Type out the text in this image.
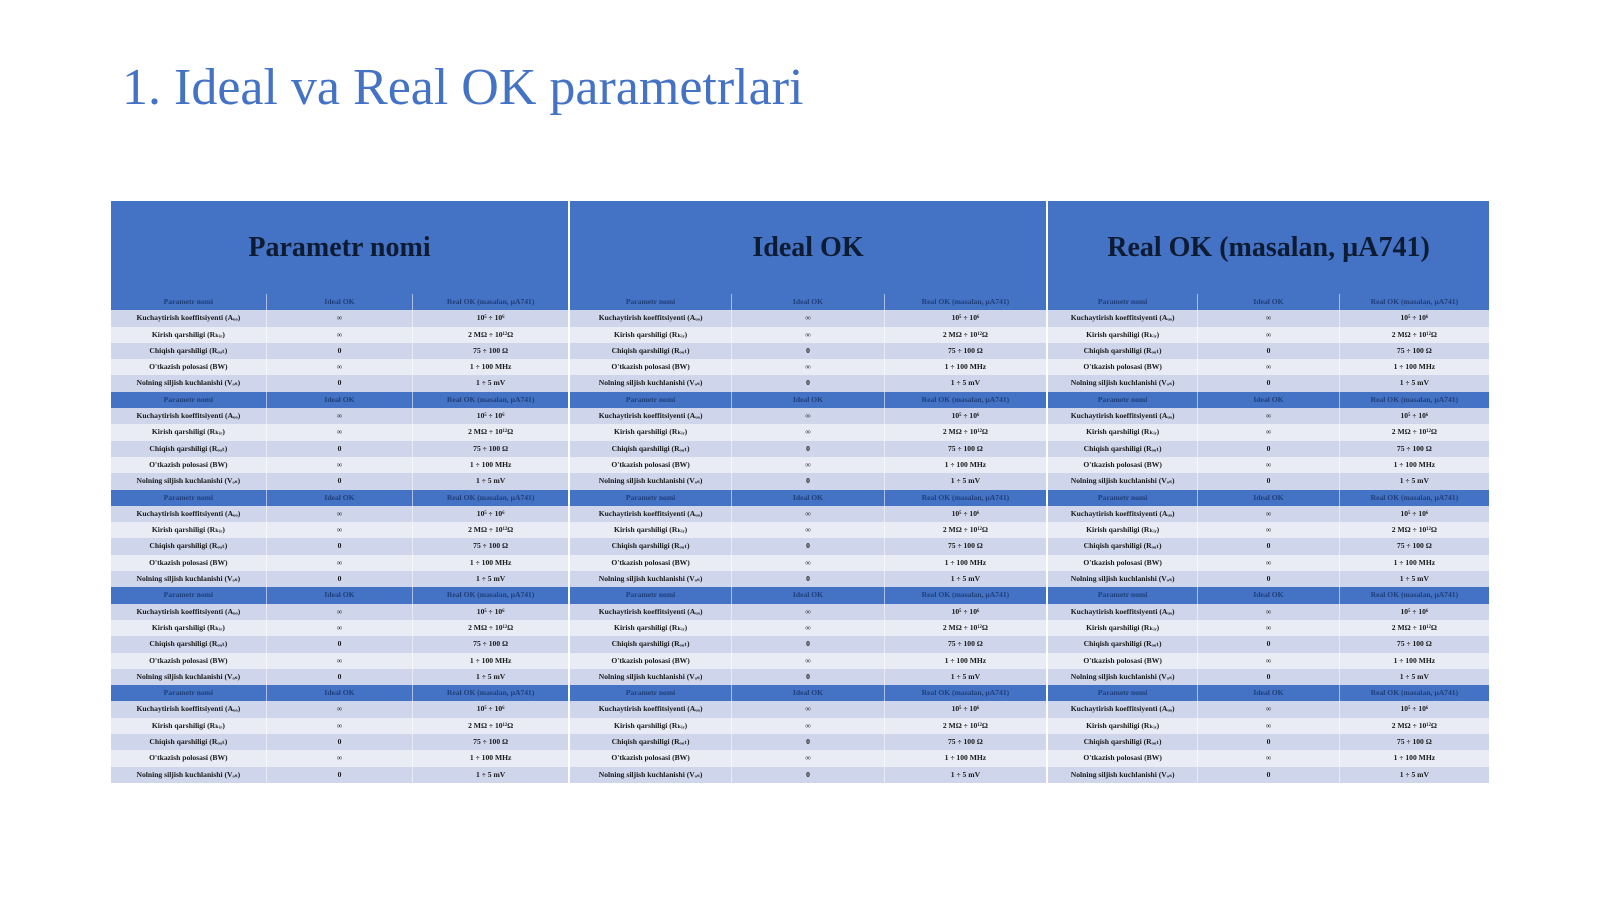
1. Ideal va Real OK parametrlari
Parametr nomi	Ideal OK	Real OK (masalan, µA741)
Parametr nomi	Ideal OK	Real OK (masalan, µA741)
Kuchaytirish koeffitsiyenti (Aᵤₒ)	∞	10⁵ ÷ 10⁶
Kirish qarshiligi (Rₖᵢᵣ)	∞	2 MΩ ÷ 10¹²Ω
Chiqish qarshiligi (Rₒᵤₜ)	0	75 ÷ 100 Ω
O'tkazish polosasi (BW)	∞	1 ÷ 100 MHz
Nolning siljish kuchlanishi (Vₒₛ)	0	1 ÷ 5 mV
Parametr nomi	Ideal OK	Real OK (masalan, µA741)
Kuchaytirish koeffitsiyenti (Aᵤₒ)	∞	10⁵ ÷ 10⁶
Kirish qarshiligi (Rₖᵢᵣ)	∞	2 MΩ ÷ 10¹²Ω
Chiqish qarshiligi (Rₒᵤₜ)	0	75 ÷ 100 Ω
O'tkazish polosasi (BW)	∞	1 ÷ 100 MHz
Nolning siljish kuchlanishi (Vₒₛ)	0	1 ÷ 5 mV
Parametr nomi	Ideal OK	Real OK (masalan, µA741)
Kuchaytirish koeffitsiyenti (Aᵤₒ)	∞	10⁵ ÷ 10⁶
Kirish qarshiligi (Rₖᵢᵣ)	∞	2 MΩ ÷ 10¹²Ω
Chiqish qarshiligi (Rₒᵤₜ)	0	75 ÷ 100 Ω
O'tkazish polosasi (BW)	∞	1 ÷ 100 MHz
Nolning siljish kuchlanishi (Vₒₛ)	0	1 ÷ 5 mV
Parametr nomi	Ideal OK	Real OK (masalan, µA741)
Kuchaytirish koeffitsiyenti (Aᵤₒ)	∞	10⁵ ÷ 10⁶
Kirish qarshiligi (Rₖᵢᵣ)	∞	2 MΩ ÷ 10¹²Ω
Chiqish qarshiligi (Rₒᵤₜ)	0	75 ÷ 100 Ω
O'tkazish polosasi (BW)	∞	1 ÷ 100 MHz
Nolning siljish kuchlanishi (Vₒₛ)	0	1 ÷ 5 mV
Parametr nomi	Ideal OK	Real OK (masalan, µA741)
Kuchaytirish koeffitsiyenti (Aᵤₒ)	∞	10⁵ ÷ 10⁶
Kirish qarshiligi (Rₖᵢᵣ)	∞	2 MΩ ÷ 10¹²Ω
Chiqish qarshiligi (Rₒᵤₜ)	0	75 ÷ 100 Ω
O'tkazish polosasi (BW)	∞	1 ÷ 100 MHz
Nolning siljish kuchlanishi (Vₒₛ)	0	1 ÷ 5 mV
Parametr nomi	Ideal OK	Real OK (masalan, µA741)
Kuchaytirish koeffitsiyenti (Aᵤₒ)	∞	10⁵ ÷ 10⁶
Kirish qarshiligi (Rₖᵢᵣ)	∞	2 MΩ ÷ 10¹²Ω
Chiqish qarshiligi (Rₒᵤₜ)	0	75 ÷ 100 Ω
O'tkazish polosasi (BW)	∞	1 ÷ 100 MHz
Nolning siljish kuchlanishi (Vₒₛ)	0	1 ÷ 5 mV
Parametr nomi	Ideal OK	Real OK (masalan, µA741)
Kuchaytirish koeffitsiyenti (Aᵤₒ)	∞	10⁵ ÷ 10⁶
Kirish qarshiligi (Rₖᵢᵣ)	∞	2 MΩ ÷ 10¹²Ω
Chiqish qarshiligi (Rₒᵤₜ)	0	75 ÷ 100 Ω
O'tkazish polosasi (BW)	∞	1 ÷ 100 MHz
Nolning siljish kuchlanishi (Vₒₛ)	0	1 ÷ 5 mV
Parametr nomi	Ideal OK	Real OK (masalan, µA741)
Kuchaytirish koeffitsiyenti (Aᵤₒ)	∞	10⁵ ÷ 10⁶
Kirish qarshiligi (Rₖᵢᵣ)	∞	2 MΩ ÷ 10¹²Ω
Chiqish qarshiligi (Rₒᵤₜ)	0	75 ÷ 100 Ω
O'tkazish polosasi (BW)	∞	1 ÷ 100 MHz
Nolning siljish kuchlanishi (Vₒₛ)	0	1 ÷ 5 mV
Parametr nomi	Ideal OK	Real OK (masalan, µA741)
Kuchaytirish koeffitsiyenti (Aᵤₒ)	∞	10⁵ ÷ 10⁶
Kirish qarshiligi (Rₖᵢᵣ)	∞	2 MΩ ÷ 10¹²Ω
Chiqish qarshiligi (Rₒᵤₜ)	0	75 ÷ 100 Ω
O'tkazish polosasi (BW)	∞	1 ÷ 100 MHz
Nolning siljish kuchlanishi (Vₒₛ)	0	1 ÷ 5 mV
Parametr nomi	Ideal OK	Real OK (masalan, µA741)
Kuchaytirish koeffitsiyenti (Aᵤₒ)	∞	10⁵ ÷ 10⁶
Kirish qarshiligi (Rₖᵢᵣ)	∞	2 MΩ ÷ 10¹²Ω
Chiqish qarshiligi (Rₒᵤₜ)	0	75 ÷ 100 Ω
O'tkazish polosasi (BW)	∞	1 ÷ 100 MHz
Nolning siljish kuchlanishi (Vₒₛ)	0	1 ÷ 5 mV
Parametr nomi	Ideal OK	Real OK (masalan, µA741)
Kuchaytirish koeffitsiyenti (Aᵤₒ)	∞	10⁵ ÷ 10⁶
Kirish qarshiligi (Rₖᵢᵣ)	∞	2 MΩ ÷ 10¹²Ω
Chiqish qarshiligi (Rₒᵤₜ)	0	75 ÷ 100 Ω
O'tkazish polosasi (BW)	∞	1 ÷ 100 MHz
Nolning siljish kuchlanishi (Vₒₛ)	0	1 ÷ 5 mV
Parametr nomi	Ideal OK	Real OK (masalan, µA741)
Kuchaytirish koeffitsiyenti (Aᵤₒ)	∞	10⁵ ÷ 10⁶
Kirish qarshiligi (Rₖᵢᵣ)	∞	2 MΩ ÷ 10¹²Ω
Chiqish qarshiligi (Rₒᵤₜ)	0	75 ÷ 100 Ω
O'tkazish polosasi (BW)	∞	1 ÷ 100 MHz
Nolning siljish kuchlanishi (Vₒₛ)	0	1 ÷ 5 mV
Parametr nomi	Ideal OK	Real OK (masalan, µA741)
Kuchaytirish koeffitsiyenti (Aᵤₒ)	∞	10⁵ ÷ 10⁶
Kirish qarshiligi (Rₖᵢᵣ)	∞	2 MΩ ÷ 10¹²Ω
Chiqish qarshiligi (Rₒᵤₜ)	0	75 ÷ 100 Ω
O'tkazish polosasi (BW)	∞	1 ÷ 100 MHz
Nolning siljish kuchlanishi (Vₒₛ)	0	1 ÷ 5 mV
Parametr nomi	Ideal OK	Real OK (masalan, µA741)
Kuchaytirish koeffitsiyenti (Aᵤₒ)	∞	10⁵ ÷ 10⁶
Kirish qarshiligi (Rₖᵢᵣ)	∞	2 MΩ ÷ 10¹²Ω
Chiqish qarshiligi (Rₒᵤₜ)	0	75 ÷ 100 Ω
O'tkazish polosasi (BW)	∞	1 ÷ 100 MHz
Nolning siljish kuchlanishi (Vₒₛ)	0	1 ÷ 5 mV
Parametr nomi	Ideal OK	Real OK (masalan, µA741)
Kuchaytirish koeffitsiyenti (Aᵤₒ)	∞	10⁵ ÷ 10⁶
Kirish qarshiligi (Rₖᵢᵣ)	∞	2 MΩ ÷ 10¹²Ω
Chiqish qarshiligi (Rₒᵤₜ)	0	75 ÷ 100 Ω
O'tkazish polosasi (BW)	∞	1 ÷ 100 MHz
Nolning siljish kuchlanishi (Vₒₛ)	0	1 ÷ 5 mV
